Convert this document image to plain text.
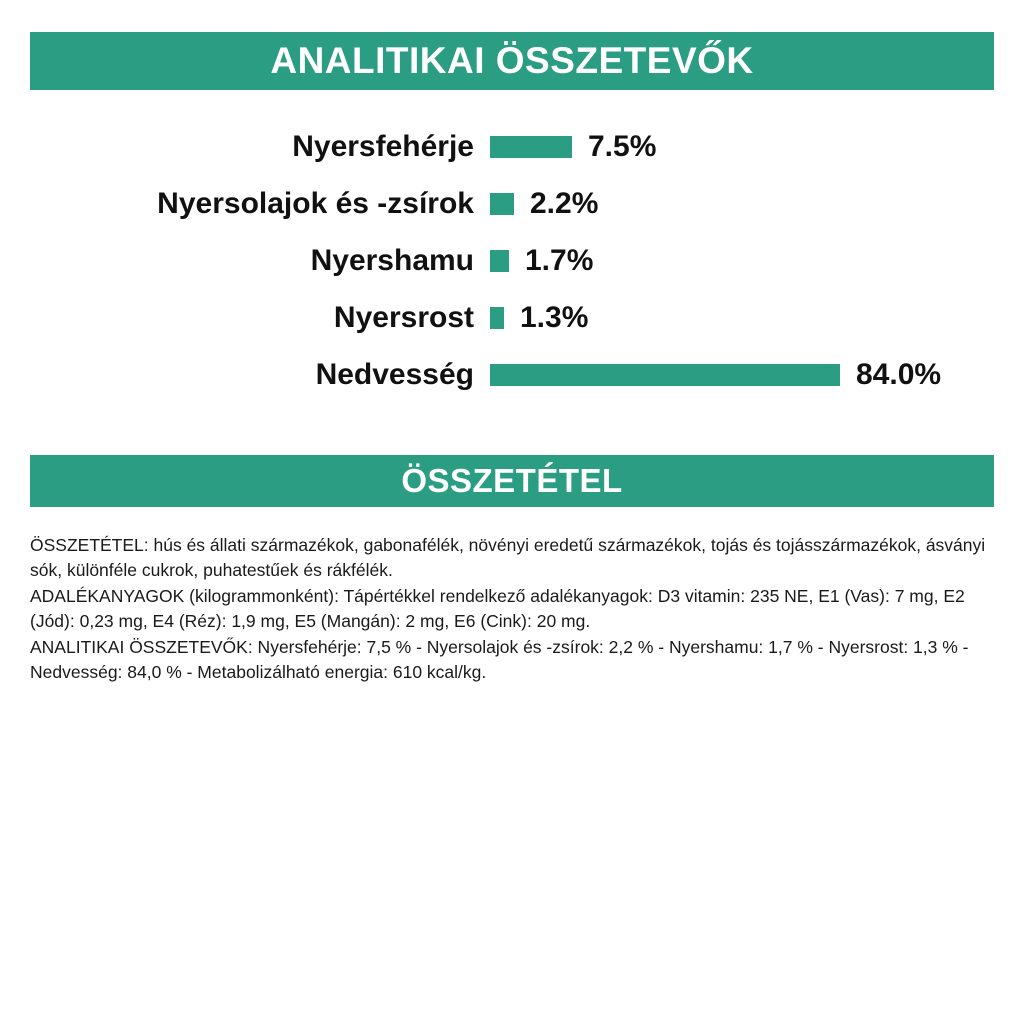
ANALITIKAI ÖSSZETEVŐK
Nyersfehérje	7.5%
Nyersolajok és -zsírok	2.2%
Nyershamu	1.7%
Nyersrost	1.3%
Nedvesség	84.0%
ÖSSZETÉTEL

ÖSSZETÉTEL: hús és állati származékok, gabonafélék, növényi eredetű származékok, tojás és tojásszármazékok, ásványi sók, különféle cukrok, puhatestűek és rákfélék.

ADALÉKANYAGOK (kilogrammonként): Tápértékkel rendelkező adalékanyagok: D3 vitamin: 235 NE, E1 (Vas): 7 mg, E2 (Jód): 0,23 mg, E4 (Réz): 1,9 mg, E5 (Mangán): 2 mg, E6 (Cink): 20 mg.

ANALITIKAI ÖSSZETEVŐK: Nyersfehérje: 7,5 % - Nyersolajok és -zsírok: 2,2 % - Nyershamu: 1,7 % - Nyersrost: 1,3 % - Nedvesség: 84,0 % - Metabolizálható energia: 610 kcal/kg.
